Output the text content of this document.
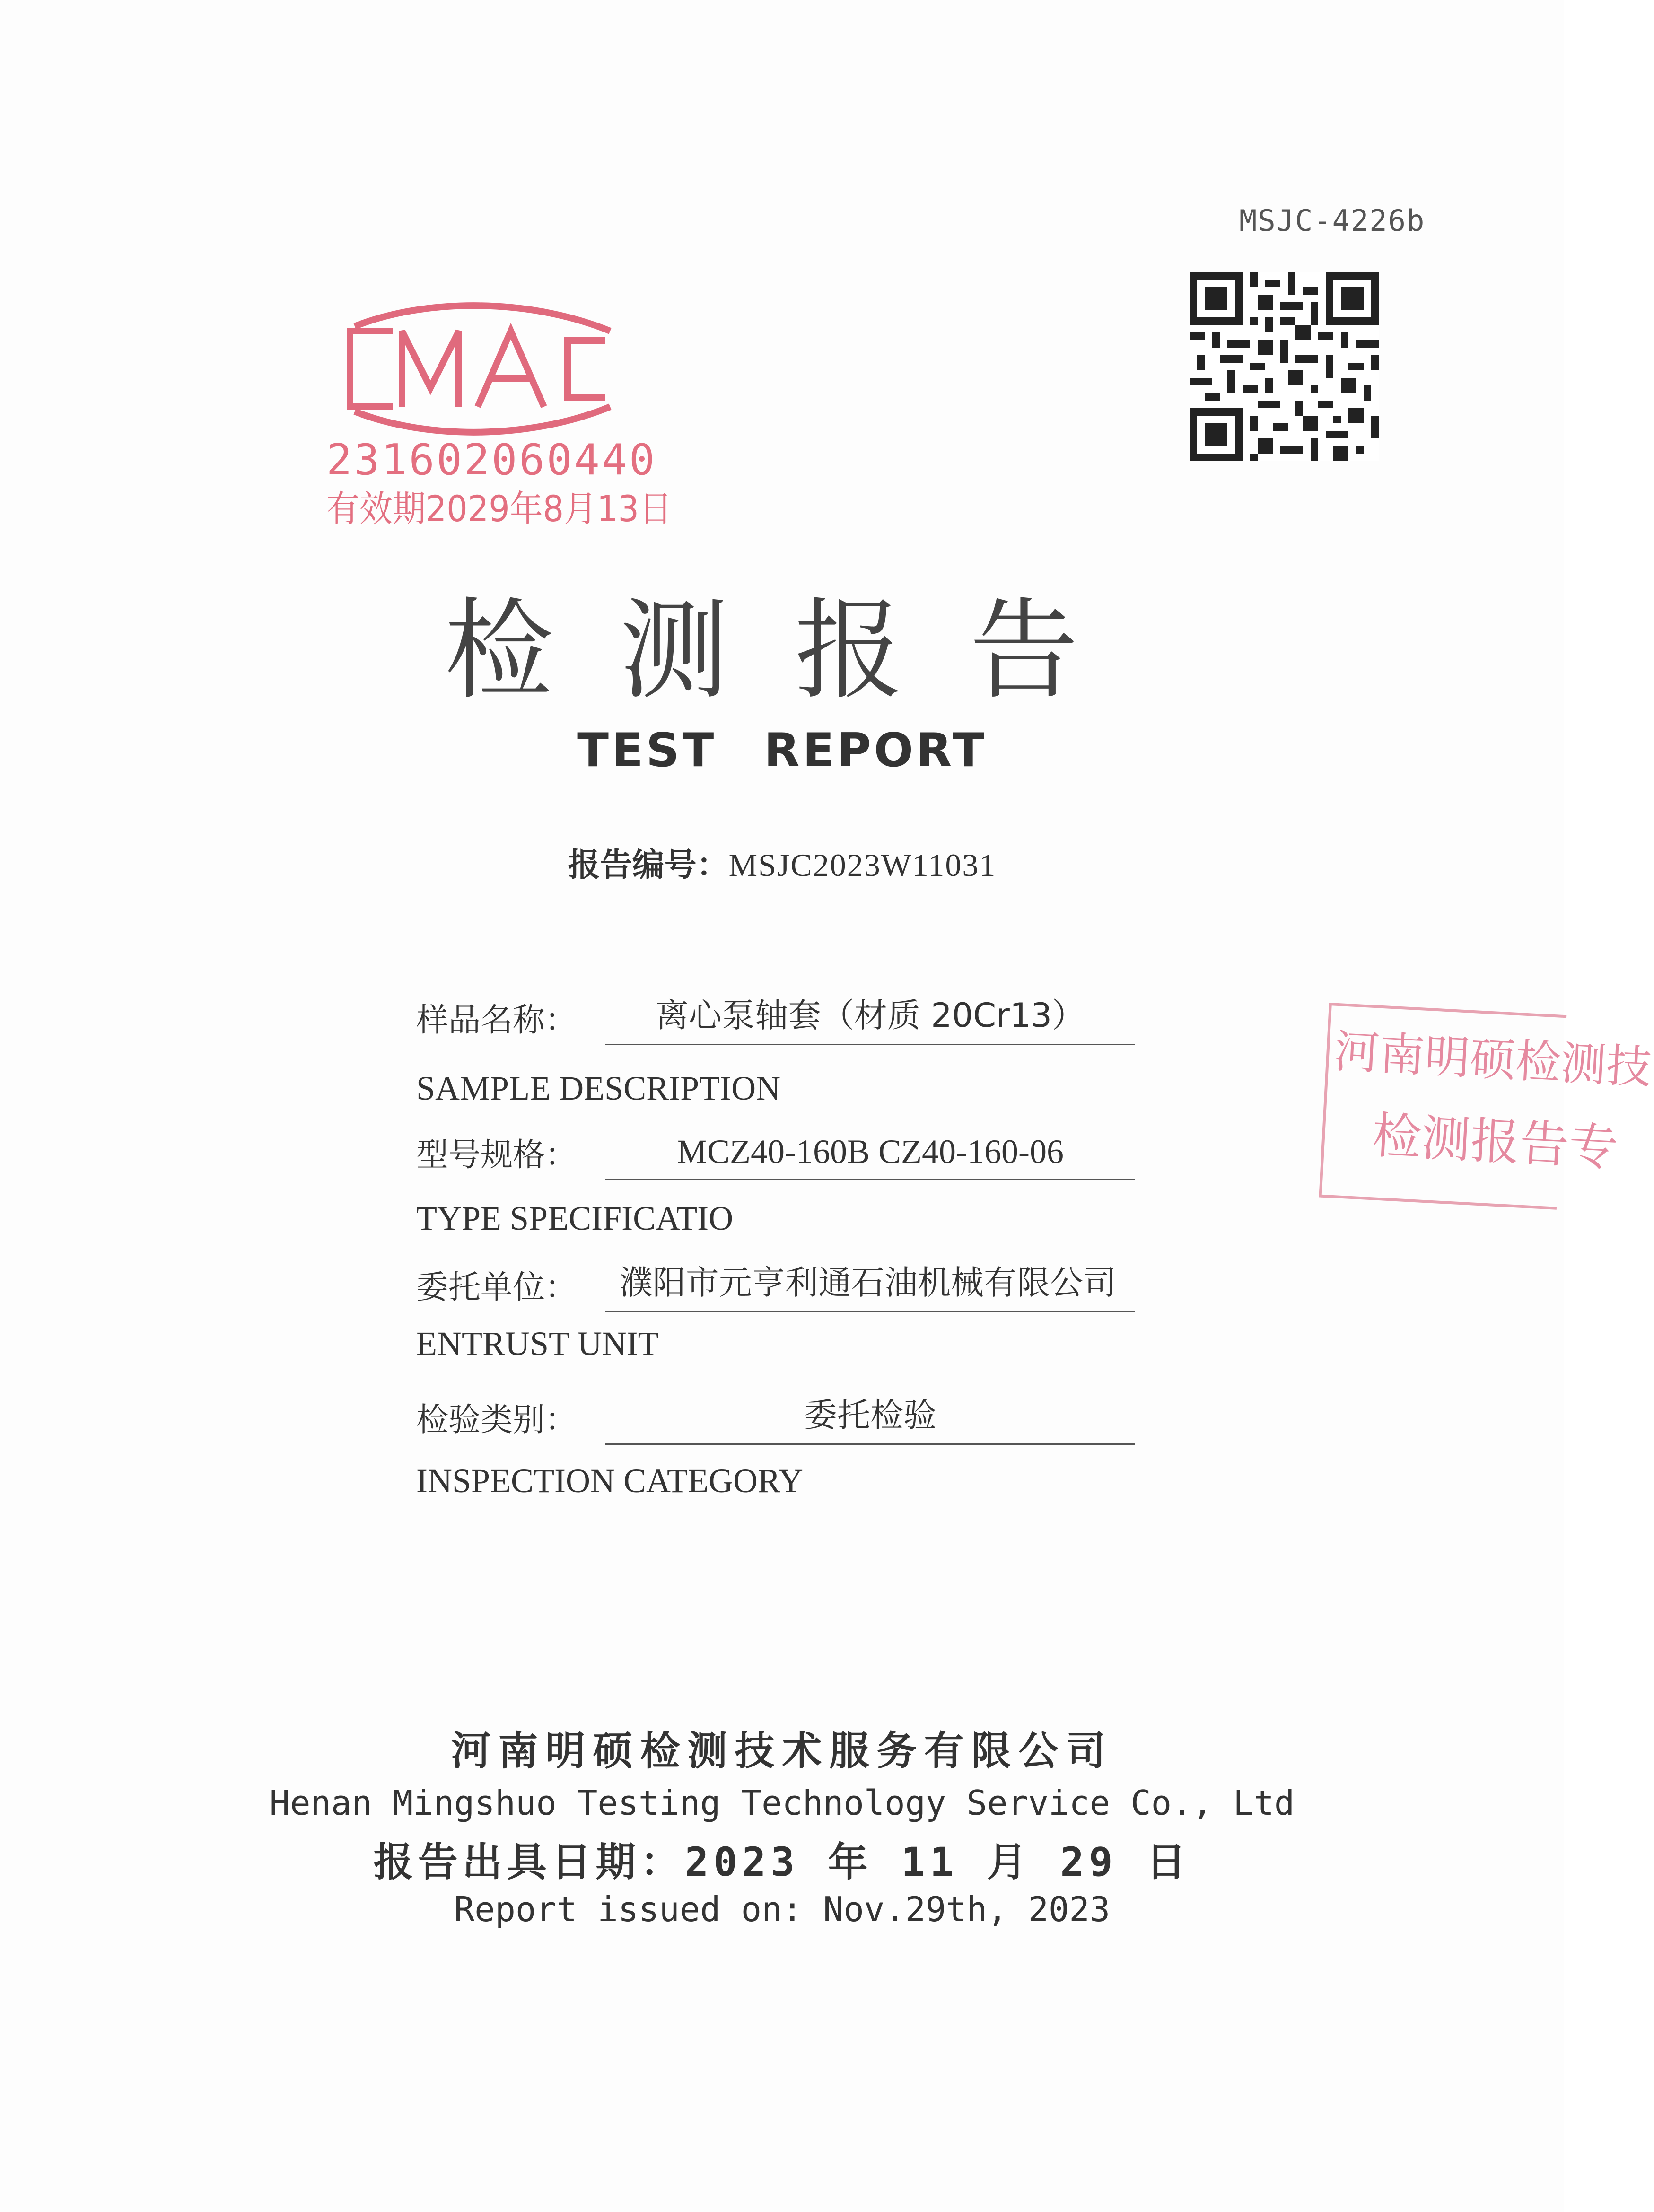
MSJC-4226b
231602060440
有效期2029年8月13日
检测报告
TEST REPORT
报告编号：MSJC2023W11031
样品名称：	离心泵轴套（材质 20Cr13）
SAMPLE DESCRIPTION
型号规格：	MCZ40-160B CZ40-160-06
TYPE SPECIFICATIO
委托单位： 濮阳市元亨利通石油机械有限公司
ENTRUST UNIT
检验类别：	委托检验
INSPECTION CATEGORY
河南明硕检测技
检测报告专
河南明硕检测技术服务有限公司
Henan Mingshuo Testing Technology Service Co., Ltd
报告出具日期：2023 年 11 月 29 日
Report issued on: Nov.29th, 2023
